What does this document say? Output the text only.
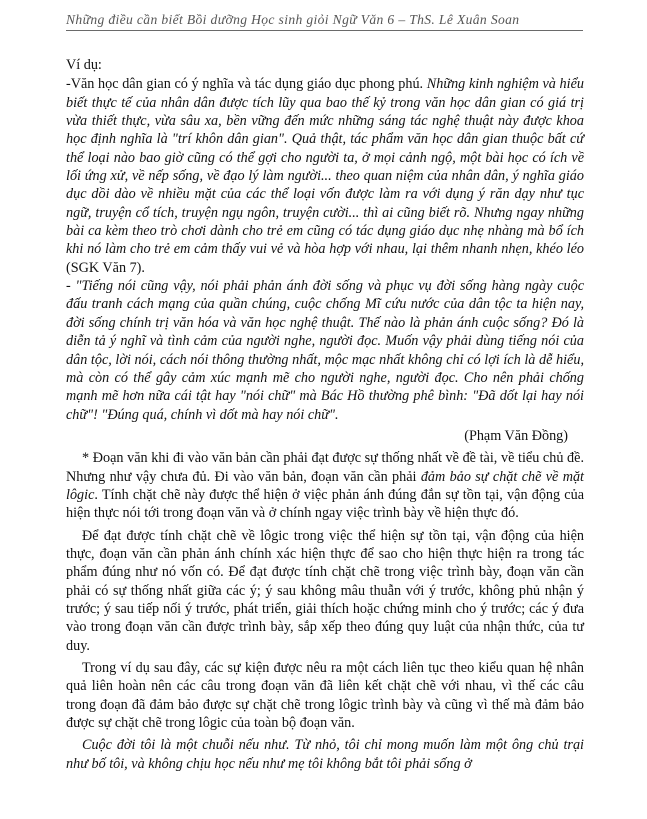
Những điều cần biết Bồi dưỡng Học sinh giỏi Ngữ Văn 6 – ThS. Lê Xuân Soan

Ví dụ:

-Văn học dân gian có ý nghĩa và tác dụng giáo dục phong phú. Những kinh nghiệm và hiểu biết thực tế của nhân dân được tích lũy qua bao thế kỷ trong văn học dân gian có giá trị vừa thiết thực, vừa sâu xa, bền vững đến mức những sáng tác nghệ thuật này được khoa học định nghĩa là "trí khôn dân gian". Quả thật, tác phẩm văn học dân gian thuộc bất cứ thể loại nào bao giờ cũng có thể gợi cho người ta, ở mọi cảnh ngộ, một bài học có ích về lối ứng xử, về nếp sống, về đạo lý làm người... theo quan niệm của nhân dân, ý nghĩa giáo dục dồi dào về nhiều mặt của các thể loại vốn được làm ra với dụng ý răn dạy như tục ngữ, truyện cổ tích, truyện ngụ ngôn, truyện cười... thì ai cũng biết rõ. Nhưng ngay những bài ca kèm theo trò chơi dành cho trẻ em cũng có tác dụng giáo dục nhẹ nhàng mà bổ ích khi nó làm cho trẻ em cảm thấy vui vẻ và hòa hợp với nhau, lại thêm nhanh nhẹn, khéo léo (SGK Văn 7).

- "Tiếng nói cũng vậy, nói phải phản ánh đời sống và phục vụ đời sống hàng ngày cuộc đấu tranh cách mạng của quần chúng, cuộc chống Mĩ cứu nước của dân tộc ta hiện nay, đời sống chính trị văn hóa và văn học nghệ thuật. Thế nào là phản ánh cuộc sống? Đó là diễn tả ý nghĩ và tình cảm của người nghe, người đọc. Muốn vậy phải dùng tiếng nói của dân tộc, lời nói, cách nói thông thường nhất, mộc mạc nhất không chỉ có lợi ích là dễ hiểu, mà còn có thể gây cảm xúc mạnh mẽ cho người nghe, người đọc. Cho nên phải chống mạnh mẽ hơn nữa cái tật hay "nói chữ" mà Bác Hồ thường phê bình: "Đã dốt lại hay nói chữ"! "Đúng quá, chính vì dốt mà hay nói chữ".

(Phạm Văn Đồng)

* Đoạn văn khi đi vào văn bản cần phải đạt được sự thống nhất về đề tài, về tiểu chủ đề. Nhưng như vậy chưa đủ. Đi vào văn bản, đoạn văn cần phải đảm bảo sự chặt chẽ về mặt lôgic. Tính chặt chẽ này được thể hiện ở việc phản ánh đúng đắn sự tồn tại, vận động của hiện thực nói tới trong đoạn văn và ở chính ngay việc trình bày về hiện thực đó.

Để đạt được tính chặt chẽ về lôgic trong việc thể hiện sự tồn tại, vận động của hiện thực, đoạn văn cần phản ánh chính xác hiện thực để sao cho hiện thực hiện ra trong tác phẩm đúng như nó vốn có. Để đạt được tính chặt chẽ trong việc trình bày, đoạn văn cần phải có sự thống nhất giữa các ý; ý sau không mâu thuẫn với ý trước, không phủ nhận ý trước; ý sau tiếp nối ý trước, phát triển, giải thích hoặc chứng minh cho ý trước; các ý đưa vào trong đoạn văn cần được trình bày, sắp xếp theo đúng quy luật của nhận thức, của tư duy.

Trong ví dụ sau đây, các sự kiện được nêu ra một cách liên tục theo kiểu quan hệ nhân quả liên hoàn nên các câu trong đoạn văn đã liên kết chặt chẽ với nhau, vì thế các câu trong đoạn đã đảm bảo được sự chặt chẽ trong lôgic trình bày và cũng vì thế mà đảm bảo được sự chặt chẽ trong lôgic của toàn bộ đoạn văn.

Cuộc đời tôi là một chuỗi nếu như. Từ nhỏ, tôi chỉ mong muốn làm một ông chủ trại như bố tôi, và không chịu học nếu như mẹ tôi không bắt tôi phải sống ở
